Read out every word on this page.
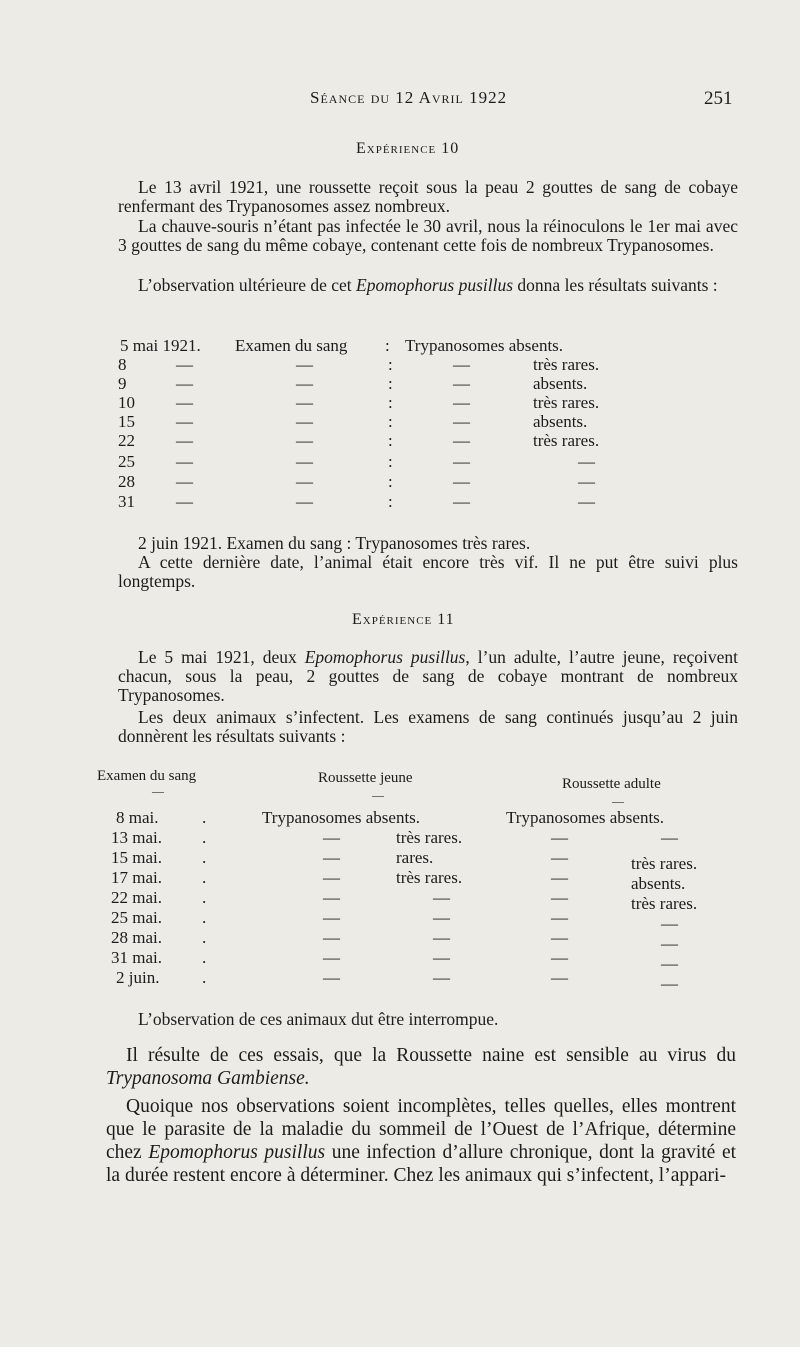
Séance du 12 Avril 1922	251
Expérience 10
Le 13 avril 1921, une roussette reçoit sous la peau 2 gouttes de sang de cobaye renfermant des Trypanosomes assez nombreux.
La chauve-souris n’étant pas infectée le 30 avril, nous la réinoculons le 1er mai avec 3 gouttes de sang du même cobaye, contenant cette fois de nombreux Trypanosomes.
L’observation ultérieure de cet Epomophorus pusillus donna les résultats suivants :
5 mai 1921. Examen du sang : Trypanosomes absents.
8	—	—	:	—	très rares.
9	—	—	:	—	absents.
10 —	—	:	—	très rares.
15 —	—	:	—	absents.
22 —	—	:	—	très rares.
25 —	—	:	—	—
28 —	—	:	—	—
31 —	—	:	—	—
2 juin 1921. Examen du sang : Trypanosomes très rares.
A cette dernière date, l’animal était encore très vif. Il ne put être suivi plus longtemps.
Expérience 11
Le 5 mai 1921, deux Epomophorus pusillus, l’un adulte, l’autre jeune, reçoivent chacun, sous la peau, 2 gouttes de sang de cobaye montrant de nombreux Trypanosomes.
Les deux animaux s’infectent. Les examens de sang continués jusqu’au 2 juin donnèrent les résultats suivants :
Examen du sang	Roussette jeune	Roussette adulte
—	—	—
8 mai.	.	Trypanosomes absents.	Trypanosomes absents.
13 mai. .	—	très rares.	—	—
15 mai. .	—	rares.	—	très rares.
17 mai. .	—	très rares.	—	absents.
22 mai. .	—	—	—	très rares.
25 mai. .	—	—	—	—
28 mai. .	—	—	—	—
31 mai. .	—	—	—	—
2 juin.	.	—	—	—	—
L’observation de ces animaux dut être interrompue.
Il résulte de ces essais, que la Roussette naine est sensible au virus du Trypanosoma Gambiense.
Quoique nos observations soient incomplètes, telles quelles, elles montrent que le parasite de la maladie du sommeil de l’Ouest de l’Afrique, détermine chez Epomophorus pusillus une infection d’allure chronique, dont la gravité et la durée restent encore à déterminer. Chez les animaux qui s’infectent, l’appari-
